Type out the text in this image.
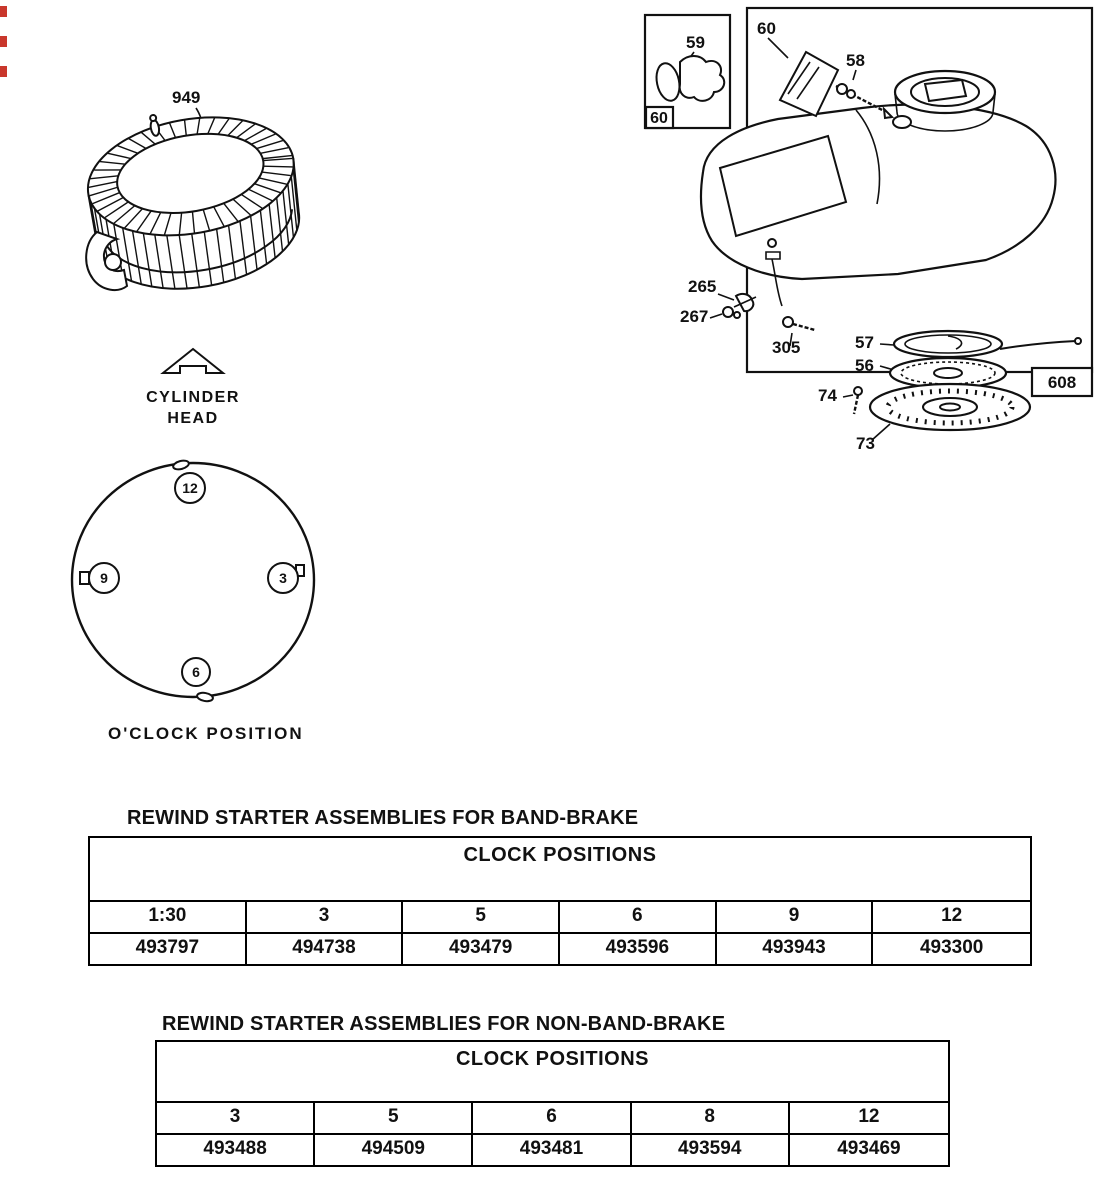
949
CYLINDER
HEAD
12
9	3
6
O'CLOCK POSITION
59
60
60
58
265
267
305	57
56
74
73
608
REWIND STARTER ASSEMBLIES FOR BAND-BRAKE
CLOCK POSITIONS
1:30	3	5	6	9	12
493797	494738	493479	493596	493943	493300
REWIND STARTER ASSEMBLIES FOR NON-BAND-BRAKE
CLOCK POSITIONS
3	5	6	8	12
493488	494509	493481	493594	493469
